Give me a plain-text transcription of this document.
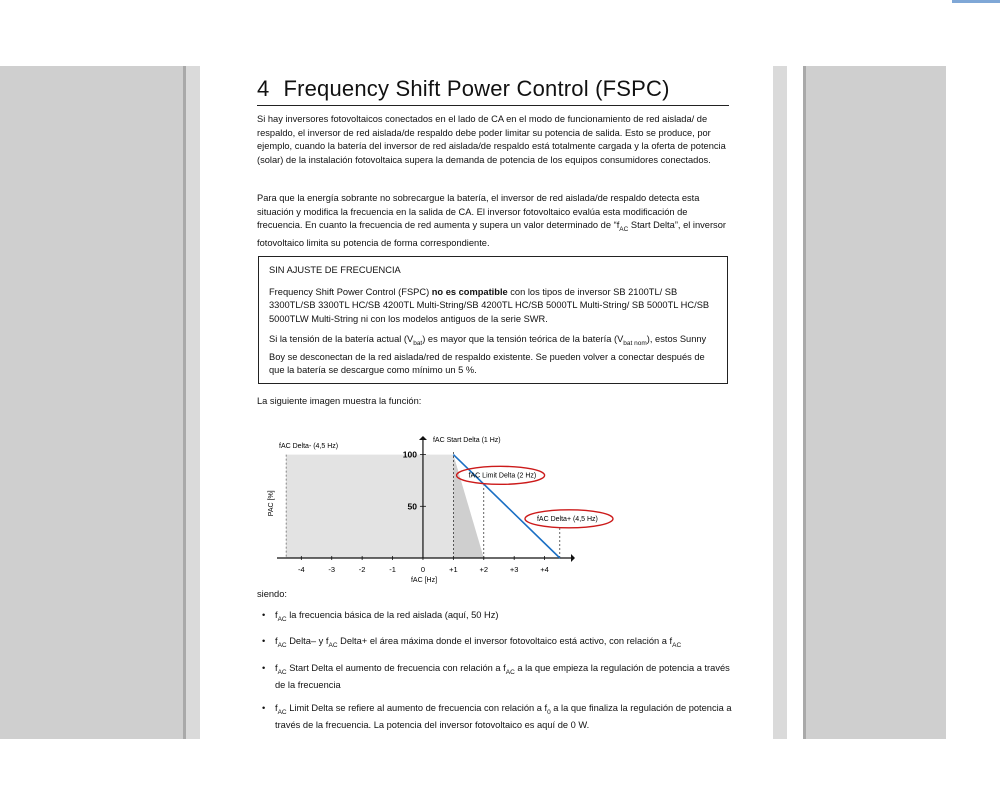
4 Frequency Shift Power Control (FSPC)

Si hay inversores fotovoltaicos conectados en el lado de CA en el modo de funcionamiento de red aislada/ de respaldo, el inversor de red aislada/de respaldo debe poder limitar su potencia de salida. Esto se produce, por ejemplo, cuando la batería del inversor de red aislada/de respaldo está totalmente cargada y la oferta de potencia (solar) de la instalación fotovoltaica supera la demanda de potencia de los equipos consumidores conectados.

Para que la energía sobrante no sobrecargue la batería, el inversor de red aislada/de respaldo detecta esta situación y modifica la frecuencia en la salida de CA. El inversor fotovoltaico evalúa esta modificación de frecuencia. En cuanto la frecuencia de red aumenta y supera un valor determinado de “$f_{AC}$ Start Delta”, el inversor fotovoltaico limita su potencia de forma correspondiente.

SIN AJUSTE DE FRECUENCIA

Frequency Shift Power Control (FSPC) no es compatible con los tipos de inversor SB 2100TL/ SB 3300TL/SB 3300TL HC/SB 4200TL Multi-String/SB 4200TL HC/SB 5000TL Multi-String/ SB 5000TL HC/SB 5000TLW Multi-String ni con los modelos antiguos de la serie SWR.

Si la tensión de la batería actual $(V_{bat})$ es mayor que la tensión teórica de la batería $(V_{bat nom})$, estos Sunny Boy se desconectan de la red aislada/red de respaldo existente. Se pueden volver a conectar después de que la batería se descargue como mínimo un 5 %.

La siguiente imagen muestra la función:
-4	-3	-2	-1	0	+1	+2	+3	+4
50
100
fAC [Hz]
PAC [%]
fAC Delta- (4,5 Hz)
fAC Start Delta (1 Hz)
fAC Limit Delta (2 Hz)
fAC Delta+ (4,5 Hz)
siendo:
• $f_{AC}$ la frecuencia básica de la red aislada (aquí, 50 Hz)
• $f_{AC}$ Delta– y $f_{AC}$ Delta+ el área máxima donde el inversor fotovoltaico está activo, con relación a $f_{AC}$
• $f_{AC}$ Start Delta el aumento de frecuencia con relación a $f_{AC}$ a la que empieza la regulación de potencia a través de la frecuencia
• $f_{AC}$ Limit Delta se refiere al aumento de frecuencia con relación a $f_0$ a la que finaliza la regulación de potencia a través de la frecuencia. La potencia del inversor fotovoltaico es aquí de 0 W.
